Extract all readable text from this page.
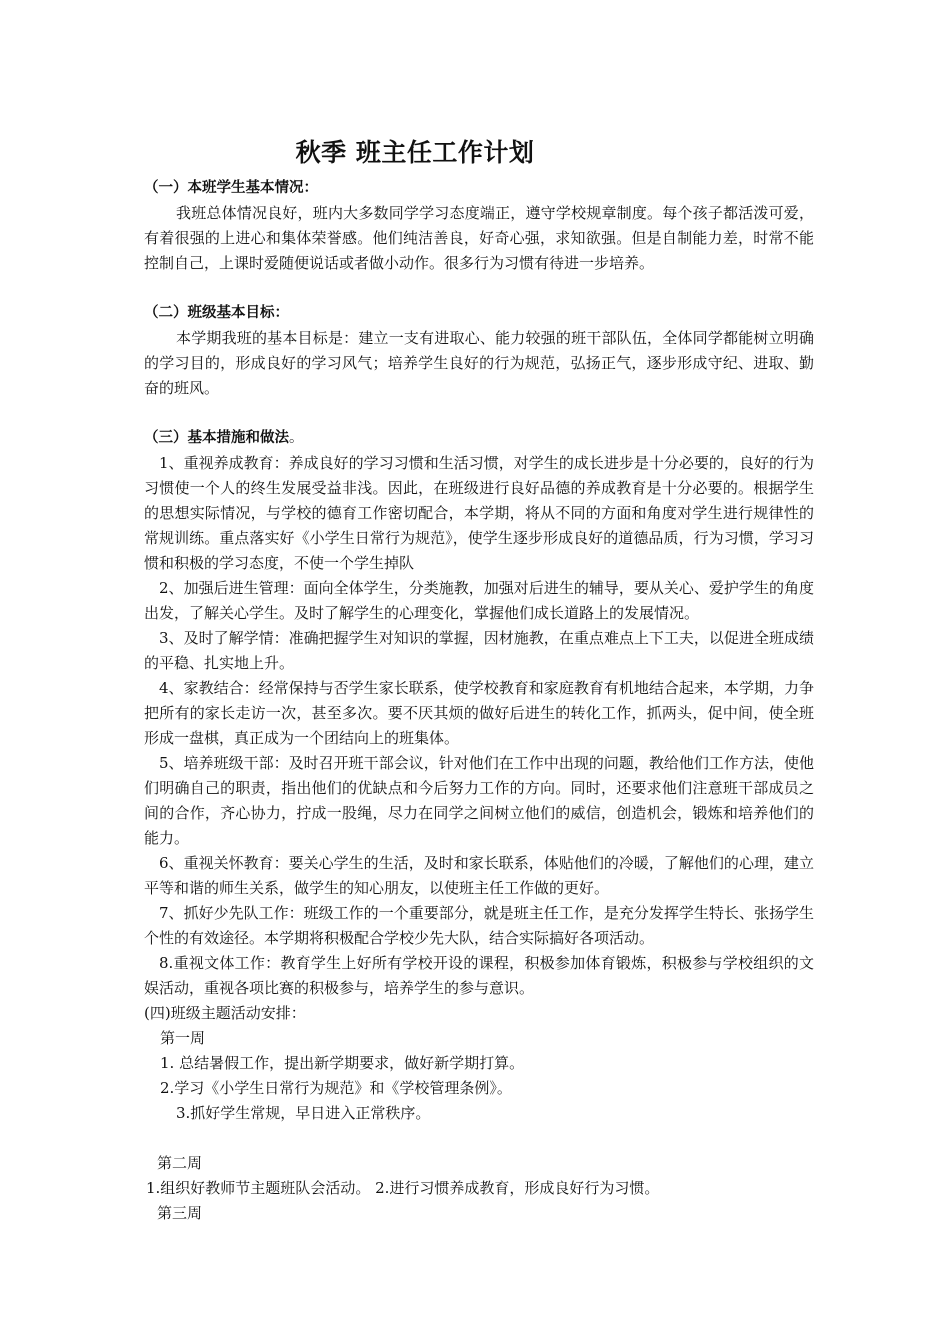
秋季 班主任工作计划

（一）本班学生基本情况：

我班总体情况良好，班内大多数同学学习态度端正，遵守学校规章制度。每个孩子都活泼可爱，有着很强的上进心和集体荣誉感。他们纯洁善良，好奇心强，求知欲强。但是自制能力差，时常不能控制自己，上课时爱随便说话或者做小动作。很多行为习惯有待进一步培养。

（二）班级基本目标：

本学期我班的基本目标是：建立一支有进取心、能力较强的班干部队伍，全体同学都能树立明确的学习目的，形成良好的学习风气；培养学生良好的行为规范，弘扬正气，逐步形成守纪、进取、勤奋的班风。

（三）基本措施和做法。

1、重视养成教育：养成良好的学习习惯和生活习惯，对学生的成长进步是十分必要的，良好的行为习惯使一个人的终生发展受益非浅。因此，在班级进行良好品德的养成教育是十分必要的。根据学生的思想实际情况，与学校的德育工作密切配合，本学期，将从不同的方面和角度对学生进行规律性的常规训练。重点落实好《小学生日常行为规范》，使学生逐步形成良好的道德品质，行为习惯，学习习惯和积极的学习态度，不使一个学生掉队

2、加强后进生管理：面向全体学生，分类施教，加强对后进生的辅导，要从关心、爱护学生的角度出发，了解关心学生。及时了解学生的心理变化，掌握他们成长道路上的发展情况。

3、及时了解学情：准确把握学生对知识的掌握，因材施教，在重点难点上下工夫，以促进全班成绩的平稳、扎实地上升。

4、家教结合：经常保持与否学生家长联系，使学校教育和家庭教育有机地结合起来，本学期，力争把所有的家长走访一次，甚至多次。要不厌其烦的做好后进生的转化工作，抓两头，促中间，使全班形成一盘棋，真正成为一个团结向上的班集体。

5、培养班级干部：及时召开班干部会议，针对他们在工作中出现的问题，教给他们工作方法，使他们明确自己的职责，指出他们的优缺点和今后努力工作的方向。同时，还要求他们注意班干部成员之间的合作，齐心协力，拧成一股绳，尽力在同学之间树立他们的威信，创造机会，锻炼和培养他们的能力。

6、重视关怀教育：要关心学生的生活，及时和家长联系，体贴他们的冷暖，了解他们的心理，建立平等和谐的师生关系，做学生的知心朋友，以使班主任工作做的更好。

7、抓好少先队工作：班级工作的一个重要部分，就是班主任工作，是充分发挥学生特长、张扬学生个性的有效途径。本学期将积极配合学校少先大队，结合实际搞好各项活动。

8.重视文体工作：教育学生上好所有学校开设的课程，积极参加体育锻炼，积极参与学校组织的文娱活动，重视各项比赛的积极参与，培养学生的参与意识。

(四)班级主题活动安排：

第一周

1. 总结暑假工作，提出新学期要求，做好新学期打算。

2.学习《小学生日常行为规范》和《学校管理条例》。

3.抓好学生常规，早日进入正常秩序。

第二周

1.组织好教师节主题班队会活动。 2.进行习惯养成教育，形成良好行为习惯。

第三周
